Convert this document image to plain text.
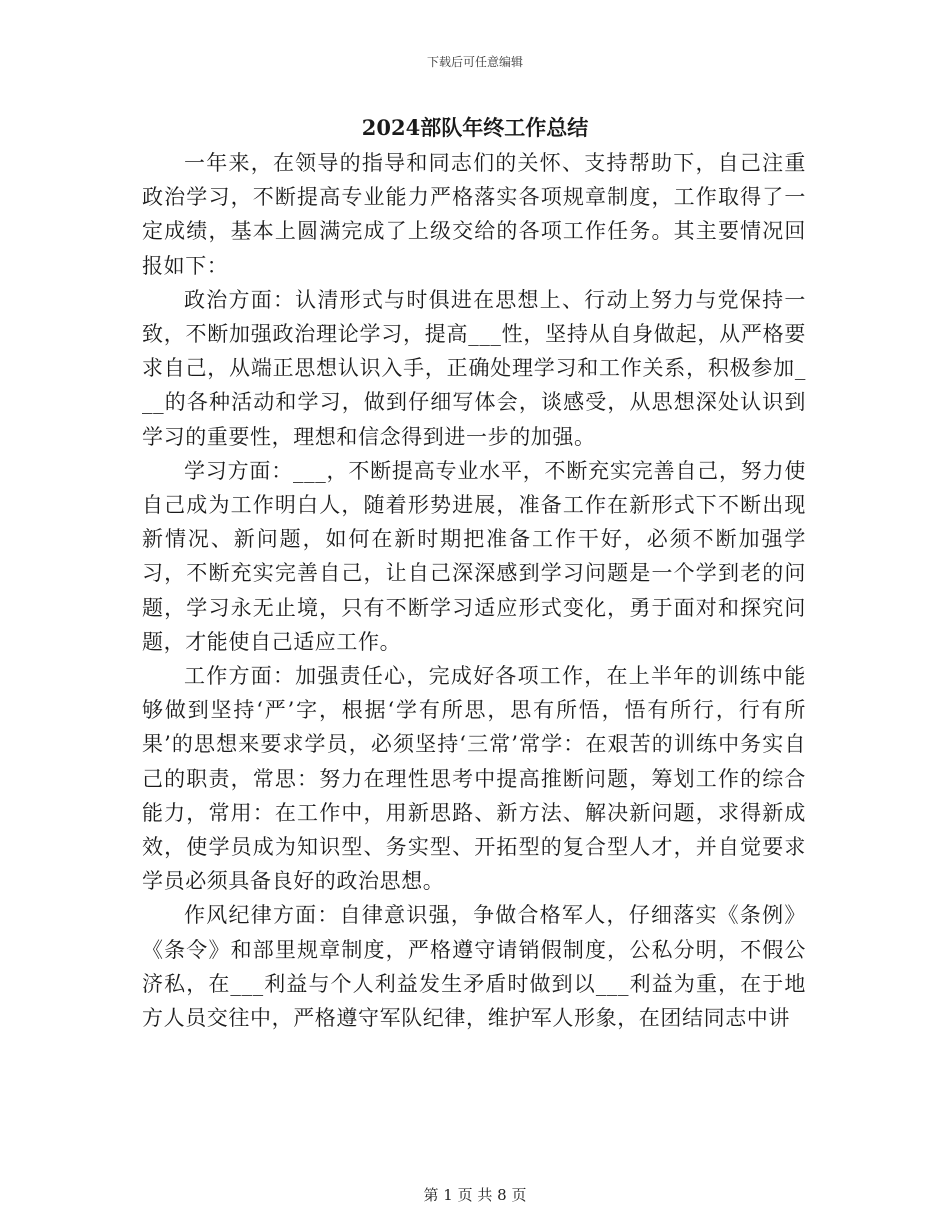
下载后可任意编辑
2024部队年终工作总结

一年来，在领导的指导和同志们的关怀、支持帮助下，自己注重政治学习，不断提高专业能力严格落实各项规章制度，工作取得了一定成绩，基本上圆满完成了上级交给的各项工作任务。其主要情况回报如下：

政治方面：认清形式与时俱进在思想上、行动上努力与党保持一致，不断加强政治理论学习，提高___性，坚持从自身做起，从严格要求自己，从端正思想认识入手，正确处理学习和工作关系，积极参加___的各种活动和学习，做到仔细写体会，谈感受，从思想深处认识到学习的重要性，理想和信念得到进一步的加强。

学习方面：___，不断提高专业水平，不断充实完善自己，努力使自己成为工作明白人，随着形势进展，准备工作在新形式下不断出现新情况、新问题，如何在新时期把准备工作干好，必须不断加强学习，不断充实完善自己，让自己深深感到学习问题是一个学到老的问题，学习永无止境，只有不断学习适应形式变化，勇于面对和探究问题，才能使自己适应工作。

工作方面：加强责任心，完成好各项工作，在上半年的训练中能够做到坚持‘严’字，根据‘学有所思，思有所悟，悟有所行，行有所果’的思想来要求学员，必须坚持‘三常’常学：在艰苦的训练中务实自己的职责，常思：努力在理性思考中提高推断问题，筹划工作的综合能力，常用：在工作中，用新思路、新方法、解决新问题，求得新成效，使学员成为知识型、务实型、开拓型的复合型人才，并自觉要求学员必须具备良好的政治思想。

作风纪律方面：自律意识强，争做合格军人，仔细落实《条例》《条令》和部里规章制度，严格遵守请销假制度，公私分明，不假公济私，在___利益与个人利益发生矛盾时做到以___利益为重，在于地方人员交往中，严格遵守军队纪律，维护军人形象，在团结同志中讲

第 1 页 共 8 页
